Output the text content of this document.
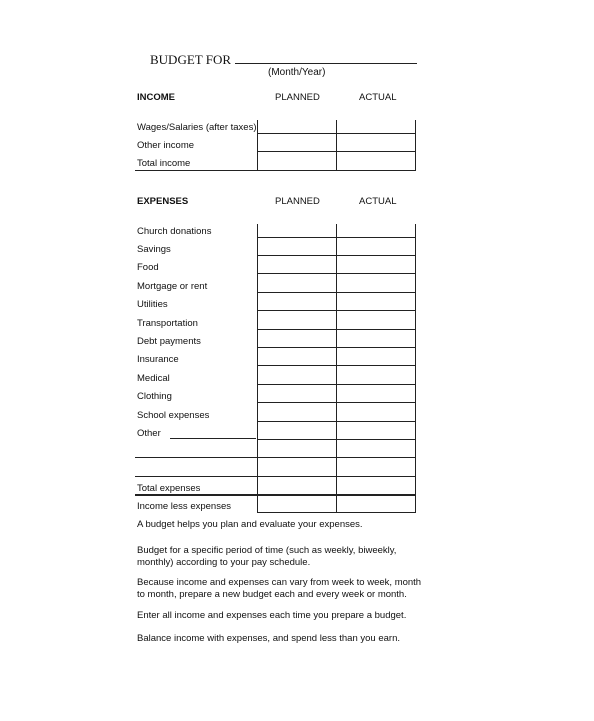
BUDGET FOR
(Month/Year)
INCOME	PLANNED	ACTUAL
Wages/Salaries (after taxes)
Other income
Total income
EXPENSES	PLANNED	ACTUAL
Church donations
Savings
Food
Mortgage or rent
Utilities
Transportation
Debt payments
Insurance
Medical
Clothing
School expenses
Other
Total expenses
Income less expenses
A budget helps you plan and evaluate your expenses.
Budget for a specific period of time (such as weekly, biweekly,
monthly) according to your pay schedule.
Because income and expenses can vary from week to week, month
to month, prepare a new budget each and every week or month.
Enter all income and expenses each time you prepare a budget.
Balance income with expenses, and spend less than you earn.
